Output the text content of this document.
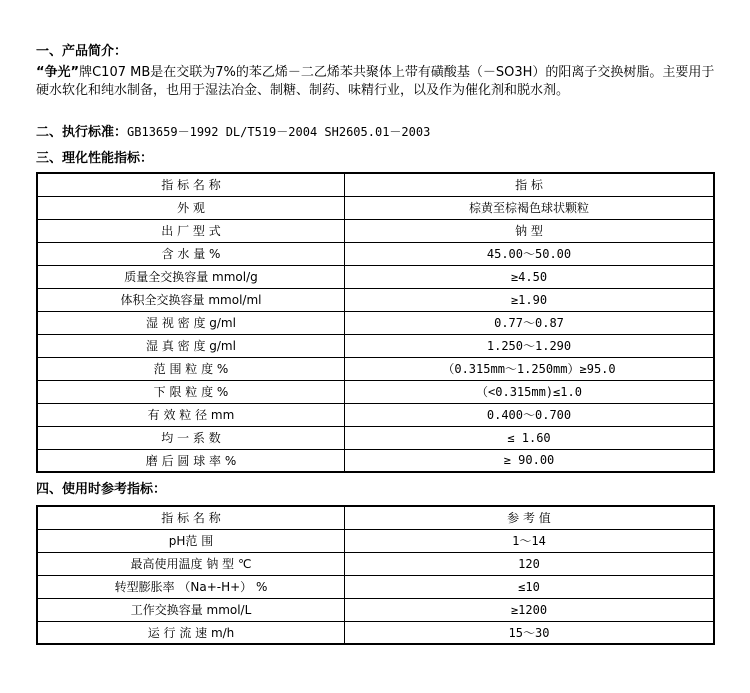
一、产品简介：
“争光”牌C107 MB是在交联为7%的苯乙烯－二乙烯苯共聚体上带有磺酸基（－SO3H）的阳离子交换树脂。主要用于硬水软化和纯水制备，也用于湿法冶金、制糖、制药、味精行业，以及作为催化剂和脱水剂。
二、执行标准：GB13659－1992 DL/T519－2004 SH2605.01－2003
三、理化性能指标：
指 标 名 称	指 标
外 观	棕黄至棕褐色球状颗粒
出 厂 型 式	钠 型
含 水 量 %	45.00～50.00
质量全交换容量 mmol/g	≥4.50
体积全交换容量 mmol/ml	≥1.90
湿 视 密 度 g/ml	0.77～0.87
湿 真 密 度 g/ml	1.250～1.290
范 围 粒 度 %	（0.315mm～1.250mm）≥95.0
下 限 粒 度 %	（<0.315mm)≤1.0
有 效 粒 径 mm	0.400～0.700
均 一 系 数	≤ 1.60
磨 后 圆 球 率 %	≥ 90.00
四、使用时参考指标：
指 标 名 称	参 考 值
pH范 围	1～14
最高使用温度 钠 型 ℃	120
转型膨胀率 （Na+-H+） %	≤10
工作交换容量 mmol/L	≥1200
运 行 流 速 m/h	15～30
